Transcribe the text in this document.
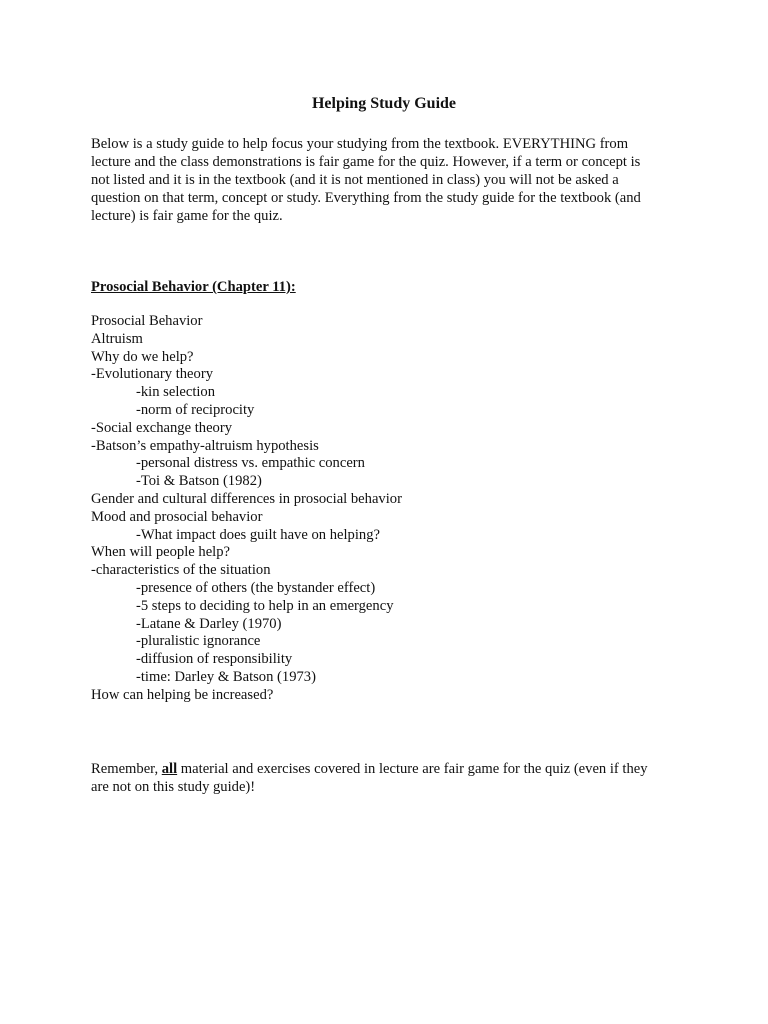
Helping Study Guide
Below is a study guide to help focus your studying from the textbook. EVERYTHING from
lecture and the class demonstrations is fair game for the quiz. However, if a term or concept is
not listed and it is in the textbook (and it is not mentioned in class) you will not be asked a
question on that term, concept or study. Everything from the study guide for the textbook (and
lecture) is fair game for the quiz.
Prosocial Behavior (Chapter 11):
Prosocial Behavior
Altruism
Why do we help?
-Evolutionary theory
-kin selection
-norm of reciprocity
-Social exchange theory
-Batson’s empathy-altruism hypothesis
-personal distress vs. empathic concern
-Toi & Batson (1982)
Gender and cultural differences in prosocial behavior
Mood and prosocial behavior
-What impact does guilt have on helping?
When will people help?
-characteristics of the situation
-presence of others (the bystander effect)
-5 steps to deciding to help in an emergency
-Latane & Darley (1970)
-pluralistic ignorance
-diffusion of responsibility
-time: Darley & Batson (1973)
How can helping be increased?
Remember, all material and exercises covered in lecture are fair game for the quiz (even if they
are not on this study guide)!
